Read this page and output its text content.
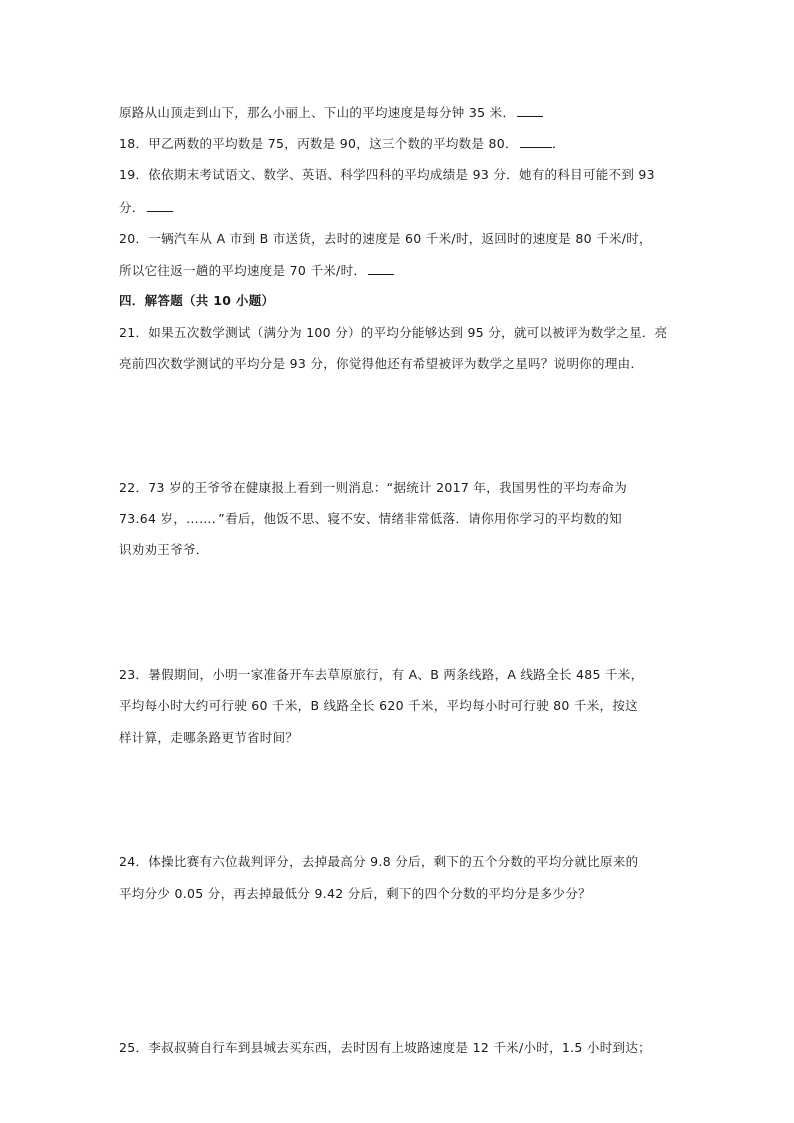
原路从山顶走到山下，那么小丽上、下山的平均速度是每分钟 35 米．
18．甲乙两数的平均数是 75，丙数是 90，这三个数的平均数是 80．	．
19．依依期末考试语文、数学、英语、科学四科的平均成绩是 93 分．她有的科目可能不到 93
分．
20．一辆汽车从 A 市到 B 市送货，去时的速度是 60 千米/时，返回时的速度是 80 千米/时，
所以它往返一趟的平均速度是 70 千米/时．
四．解答题（共 10 小题）
21．如果五次数学测试（满分为 100 分）的平均分能够达到 95 分，就可以被评为数学之星．亮
亮前四次数学测试的平均分是 93 分，你觉得他还有希望被评为数学之星吗？说明你的理由．
22．73 岁的王爷爷在健康报上看到一则消息：“据统计 2017 年，我国男性的平均寿命为
73.64 岁，……．”看后，他饭不思、寝不安、情绪非常低落．请你用你学习的平均数的知
识劝劝王爷爷．
23．暑假期间，小明一家准备开车去草原旅行，有 A、B 两条线路，A 线路全长 485 千米，
平均每小时大约可行驶 60 千米，B 线路全长 620 千米，平均每小时可行驶 80 千米，按这
样计算，走哪条路更节省时间？
24．体操比赛有六位裁判评分，去掉最高分 9.8 分后，剩下的五个分数的平均分就比原来的
平均分少 0.05 分，再去掉最低分 9.42 分后，剩下的四个分数的平均分是多少分？
25．李叔叔骑自行车到县城去买东西，去时因有上坡路速度是 12 千米/小时，1.5 小时到达；
